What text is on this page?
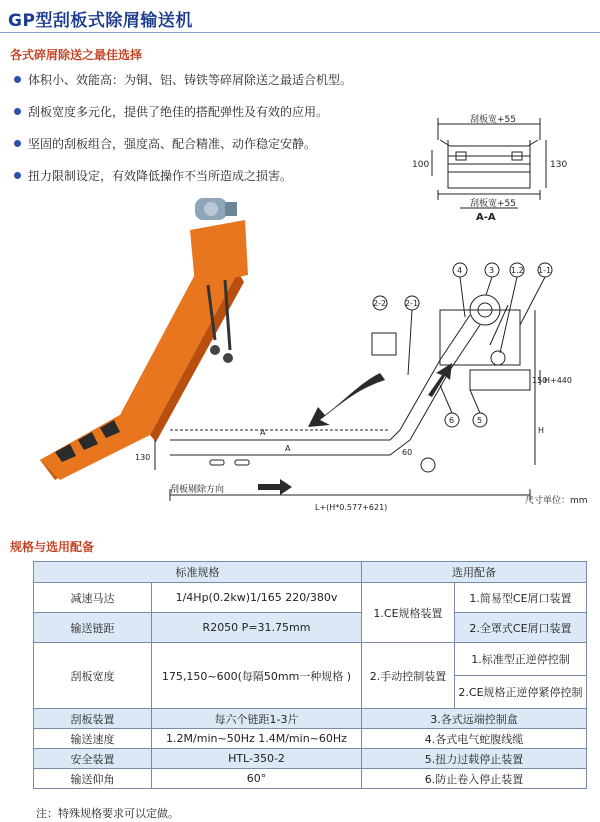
GP型刮板式除屑输送机
各式碎屑除送之最佳选择
体积小、效能高：为铜、铝、铸铁等碎屑除送之最适合机型。
刮板宽度多元化，提供了绝佳的搭配弹性及有效的应用。
坚固的刮板组合，强度高、配合精准、动作稳定安静。
扭力限制设定，有效降低操作不当所造成之损害。
刮板宽+55
刮板宽+55
100	130
A-A
4	3 1.2 1-1
2-2 2-1
6	5
A
A
130
60
150
H+440
H
刮板剔除方向
L+(H*0.577+621)
尺寸单位：mm
规格与选用配备
标准规格		选用配备	
减速马达	1/4Hp(0.2kw)1/165 220/380v	1.CE规格装置	1.简易型CE屑口装置
输送链距	R2050 P=31.75mm		2.全罩式CE屑口装置
刮板宽度	175,150~600(每隔50mm一种规格 )	2.手动控制装置	1.标准型正逆停控制
			2.CE规格正逆停紧停控制
刮板装置	每六个链距1-3片	3.各式远端控制盒	
输送速度	1.2M/min~50Hz 1.4M/min~60Hz	4.各式电气蛇腹线缆	
安全装置	HTL-350-2	5.扭力过载停止装置	
输送仰角	60°	6.防止卷入停止装置	
注：特殊规格要求可以定做。
